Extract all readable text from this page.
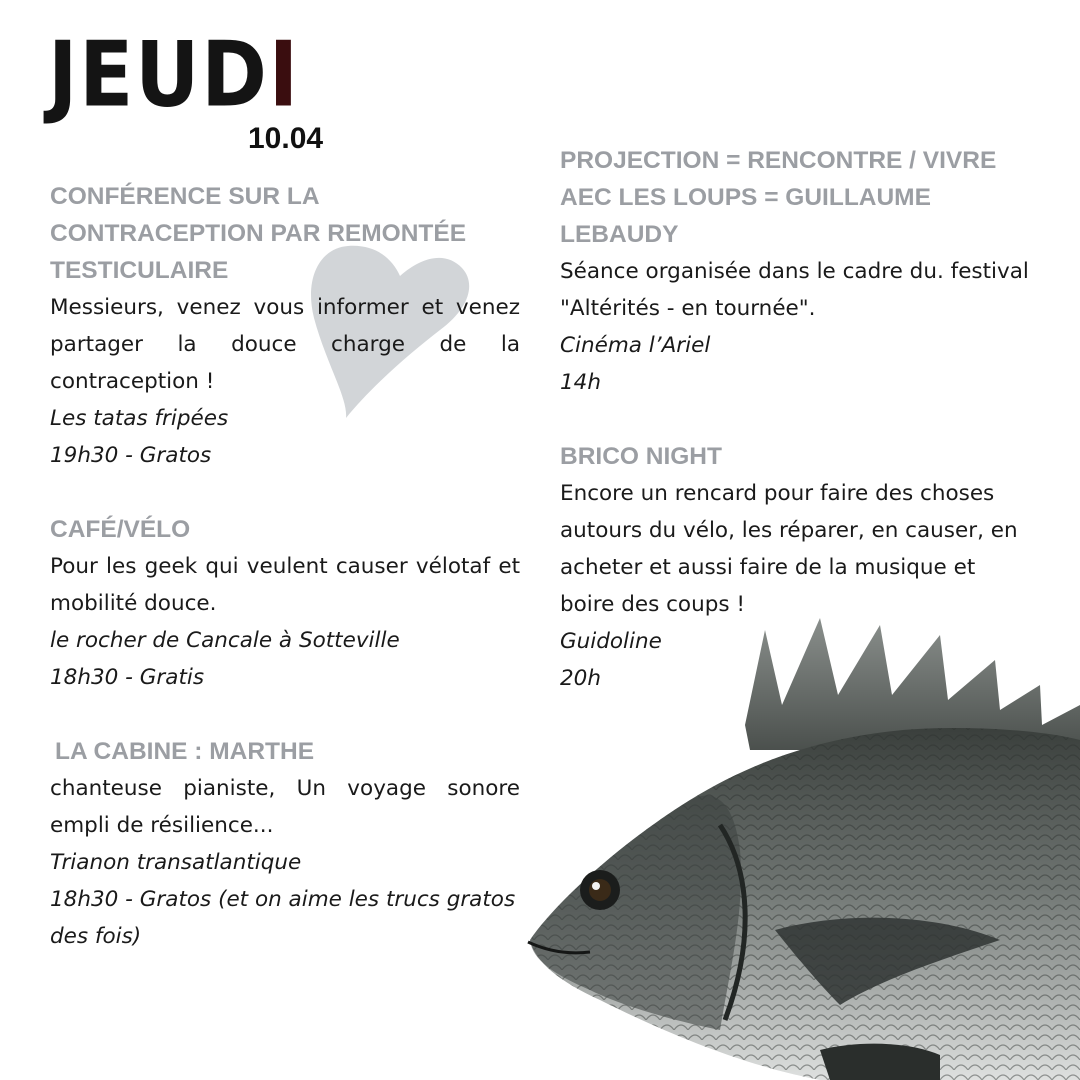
JEUDI
10.04
CONFÉRENCE SUR LA CONTRACEPTION PAR REMONTÉE TESTICULAIRE
Messieurs, venez vous informer et venez partager la douce charge de la contraception !
Les tatas fripées
19h30 - Gratos
CAFÉ/VÉLO
Pour les geek qui veulent causer vélotaf et mobilité douce.
le rocher de Cancale à Sotteville
18h30 - Gratis
LA CABINE : MARTHE
chanteuse pianiste, Un voyage sonore empli de résilience...
Trianon transatlantique
18h30 - Gratos (et on aime les trucs gratos des fois)
PROJECTION = RENCONTRE / VIVRE AEC LES LOUPS = GUILLAUME LEBAUDY
Séance organisée dans le cadre du. festival "Altérités - en tournée".
Cinéma l’Ariel
14h
BRICO NIGHT
Encore un rencard pour faire des choses autours du vélo, les réparer, en causer, en acheter et aussi faire de la musique et boire des coups !
Guidoline
20h
